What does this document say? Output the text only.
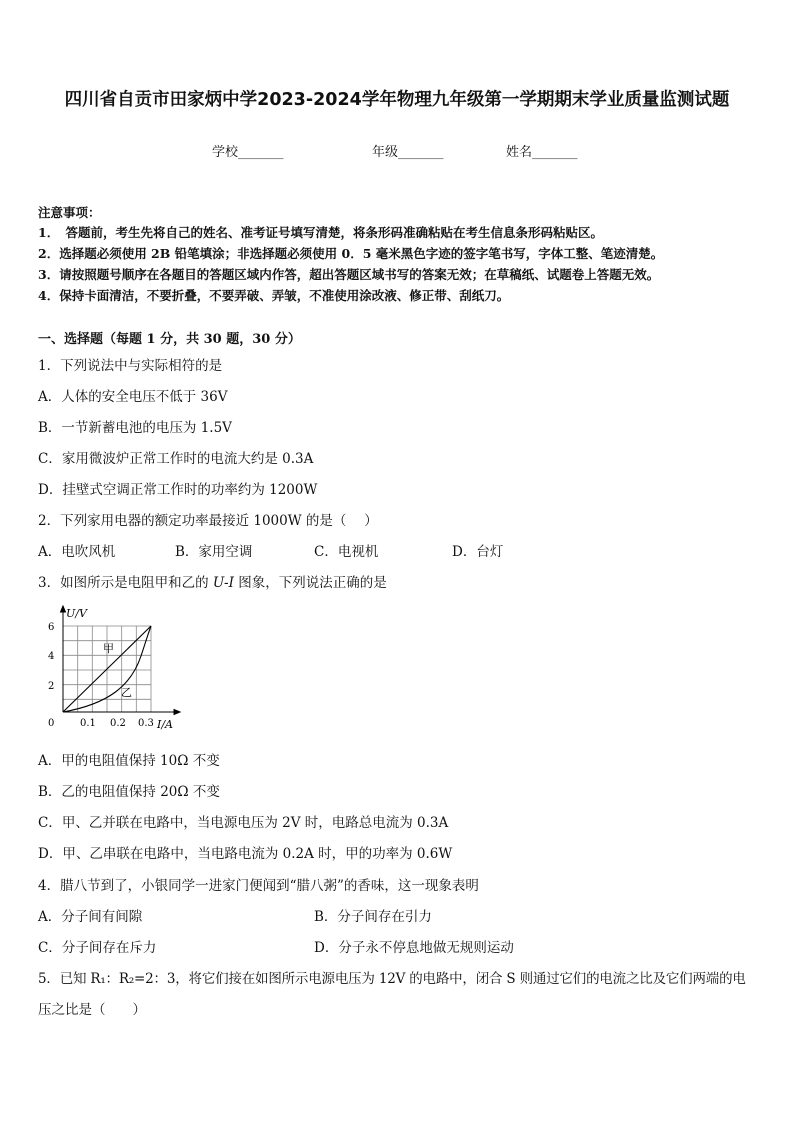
四川省自贡市田家炳中学2023-2024学年物理九年级第一学期期末学业质量监测试题
学校_______	年级_______	姓名_______
注意事项：
1．　答题前，考生先将自己的姓名、准考证号填写清楚，将条形码准确粘贴在考生信息条形码粘贴区。
2．选择题必须使用 2B 铅笔填涂；非选择题必须使用 0．5 毫米黑色字迹的签字笔书写，字体工整、笔迹清楚。
3．请按照题号顺序在各题目的答题区域内作答，超出答题区域书写的答案无效；在草稿纸、试题卷上答题无效。
4．保持卡面清洁，不要折叠，不要弄破、弄皱，不准使用涂改液、修正带、刮纸刀。
一、选择题（每题 1 分，共 30 题，30 分）
1．下列说法中与实际相符的是
A．人体的安全电压不低于 36V
B．一节新蓄电池的电压为 1.5V
C．家用微波炉正常工作时的电流大约是 0.3A
D．挂壁式空调正常工作时的功率约为 1200W
2．下列家用电器的额定功率最接近 1000W 的是（　 ）
A．电吹风机	B．家用空调	C．电视机	D．台灯
3．如图所示是电阻甲和乙的 U-I 图象，下列说法正确的是
U/V
I/A
6
4
2
0	0.1 0.2 0.3
甲
乙
A．甲的电阻值保持 10Ω 不变
B．乙的电阻值保持 20Ω 不变
C．甲、乙并联在电路中，当电源电压为 2V 时，电路总电流为 0.3A
D．甲、乙串联在电路中，当电路电流为 0.2A 时，甲的功率为 0.6W
4．腊八节到了，小银同学一进家门便闻到“腊八粥”的香味，这一现象表明
A．分子间有间隙	B．分子间存在引力
C．分子间存在斥力	D．分子永不停息地做无规则运动
5．已知 R₁：R₂=2：3，将它们接在如图所示电源电压为 12V 的电路中，闭合 S 则通过它们的电流之比及它们两端的电
压之比是（　　）
